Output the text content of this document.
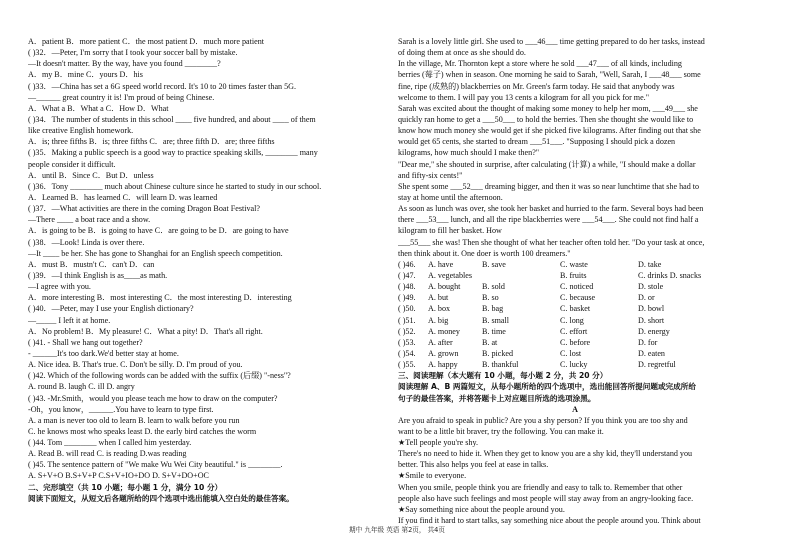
A．patient B．more patient C．the most patient D．much more patient
( )32．—Peter, I'm sorry that I took your soccer ball by mistake.
—It doesn't matter. By the way, have you found ________?
A．my B．mine C．yours D．his
( )33．—China has set a 6G speed world record. It's 10 to 20 times faster than 5G.
—______ great country it is! I'm proud of being Chinese.
A．What a B．What a C．How D．What
( )34．The number of students in this school ____ five hundred, and about ____ of them
like creative English homework.
A．is; three fifths B．is; three fifths C．are; three fifth D．are; three fifths
( )35．Making a public speech is a good way to practice speaking skills, ________ many
people consider it difficult.
A．until B．Since C．But D．unless
( )36．Tony ________ much about Chinese culture since he started to study in our school.
A．Learned B．has learned C．will learn D. was learned
( )37．—What activities are there in the coming Dragon Boat Festival?
—There ____ a boat race and a show.
A．is going to be B．is going to have C．are going to be D．are going to have
( )38．—Look! Linda is over there.
—It ____ be her. She has gone to Shanghai for an English speech competition.
A．must B．mustn't C．can't D．can
( )39．—I think English is as____as math.
—I agree with you.
A．more interesting B．most interesting C．the most interesting D．interesting
( )40．—Peter, may I use your English dictionary?
—_____ I left it at home.
A．No problem! B．My pleasure! C．What a pity! D．That's all right.
( )41. - Shall we hang out together?
- ______It's too dark.We'd better stay at home.
A. Nice idea. B. That's true. C. Don't be silly. D. I'm proud of you.
( )42. Which of the following words can be added with the suffix (后缀) "-ness"?
A. round B. laugh C. ill D. angry
( )43. -Mr.Smith，would you please teach me how to draw on the computer?
-Oh，you know，______.You have to learn to type first.
A. a man is never too old to learn B. learn to walk before you run
C. he knows most who speaks least D. the early bird catches the worm
( )44. Tom ________ when I called him yesterday.
A. Read B. will read C. is reading D.was reading
( )45. The sentence pattern of "We make Wu Wei City beautiful." is ________.
A. S+V+O B.S+V+P C.S+V+IO+DO D. S+V+DO+OC
二、完形填空（共 10 小题；每小题 1 分，满分 10 分）
阅读下面短文，从短文后各题所给的四个选项中选出能填入空白处的最佳答案。
Sarah is a lovely little girl. She used to ___46___ time getting prepared to do her tasks, instead
of doing them at once as she should do.
In the village, Mr. Thornton kept a store where he sold ___47___ of all kinds, including
berries (莓子) when in season. One morning he said to Sarah, "Well, Sarah, I ___48___ some
fine, ripe (成熟的) blackberries on Mr. Green's farm today. He said that anybody was
welcome to them. I will pay you 13 cents a kilogram for all you pick for me."
Sarah was excited about the thought of making some money to help her mom, ___49___ she
quickly ran home to get a ___50___ to hold the berries. Then she thought she would like to
know how much money she would get if she picked five kilograms. After finding out that she
would get 65 cents, she started to dream ___51___. "Supposing I should pick a dozen
kilograms, how much should I make then?"
"Dear me," she shouted in surprise, after calculating (计算) a while, "I should make a dollar
and fifty-six cents!"
She spent some ___52___ dreaming bigger, and then it was so near lunchtime that she had to
stay at home until the afternoon.
As soon as lunch was over, she took her basket and hurried to the farm. Several boys had been
there ___53___ lunch, and all the ripe blackberries were ___54___. She could not find half a
kilogram to fill her basket. How
___55___ she was! Then she thought of what her teacher often told her. "Do your task at once,
then think about it. One doer is worth 100 dreamers."
( )46.	A. have	B. save	C. waste	D. take
( )47.	A. vegetables	B. fruits	C. drinks D. snacks
( )48.	A. bought	B. sold	C. noticed	D. stole
( )49.	A. but	B. so	C. because	D. or
( )50.	A. box	B. bag	C. basket	D. bowl
( )51.	A. big	B. small	C. long	D. short
( )52.	A. money	B. time	C. effort	D. energy
( )53.	A. after	B. at	C. before	D. for
( )54.	A. grown	B. picked	C. lost	D. eaten
( )55.	A. happy	B. thankful	C. lucky	D. regretful
三、阅读理解（本大题有 10 小题，每小题 2 分，共 20 分）
阅读理解 A、B 两篇短文，从每小题所给的四个选项中，选出能回答所提问题或完成所给
句子的最佳答案，并将答题卡上对应题目所选的选项涂黑。
A
Are you afraid to speak in public? Are you a shy person? If you think you are too shy and
want to be a little bit braver, try the following. You can make it.
★Tell people you're shy.
There's no need to hide it. When they get to know you are a shy kid, they'll understand you
better. This also helps you feel at ease in talks.
★Smile to everyone.
When you smile, people think you are friendly and easy to talk to. Remember that other
people also have such feelings and most people will stay away from an angry-looking face.
★Say something nice about the people around you.
If you find it hard to start talks, say something nice about the people around you. Think about
期中 九年级 英语 第2页， 共4页
